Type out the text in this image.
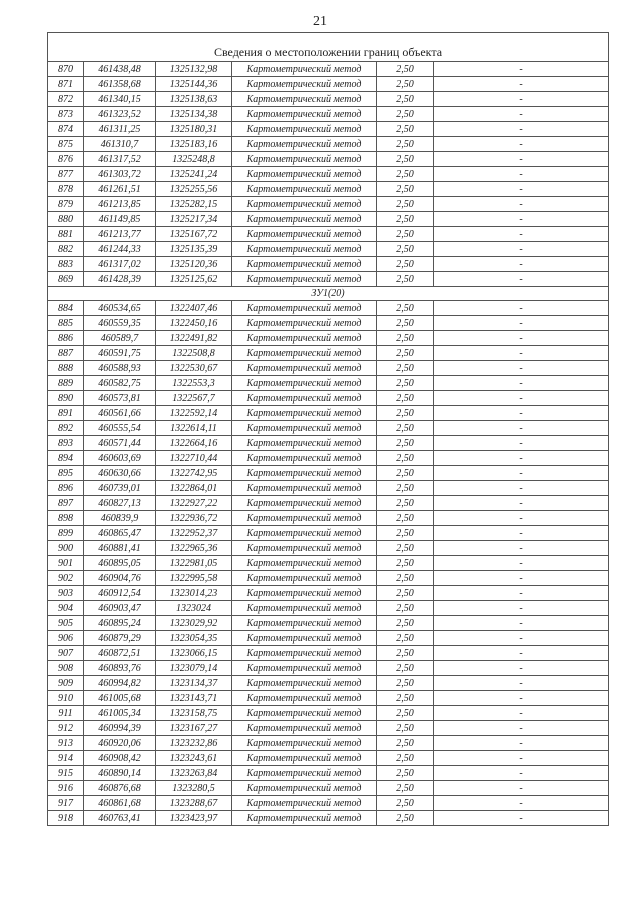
21
Сведения о местоположении границ объекта					
870	461438,48	1325132,98	Картометрический метод	2,50	-
871	461358,68	1325144,36	Картометрический метод	2,50	-
872	461340,15	1325138,63	Картометрический метод	2,50	-
873	461323,52	1325134,38	Картометрический метод	2,50	-
874	461311,25	1325180,31	Картометрический метод	2,50	-
875	461310,7	1325183,16	Картометрический метод	2,50	-
876	461317,52	1325248,8	Картометрический метод	2,50	-
877	461303,72	1325241,24	Картометрический метод	2,50	-
878	461261,51	1325255,56	Картометрический метод	2,50	-
879	461213,85	1325282,15	Картометрический метод	2,50	-
880	461149,85	1325217,34	Картометрический метод	2,50	-
881	461213,77	1325167,72	Картометрический метод	2,50	-
882	461244,33	1325135,39	Картометрический метод	2,50	-
883	461317,02	1325120,36	Картометрический метод	2,50	-
869	461428,39	1325125,62	Картометрический метод	2,50	-
ЗУ1(20)					
884	460534,65	1322407,46	Картометрический метод	2,50	-
885	460559,35	1322450,16	Картометрический метод	2,50	-
886	460589,7	1322491,82	Картометрический метод	2,50	-
887	460591,75	1322508,8	Картометрический метод	2,50	-
888	460588,93	1322530,67	Картометрический метод	2,50	-
889	460582,75	1322553,3	Картометрический метод	2,50	-
890	460573,81	1322567,7	Картометрический метод	2,50	-
891	460561,66	1322592,14	Картометрический метод	2,50	-
892	460555,54	1322614,11	Картометрический метод	2,50	-
893	460571,44	1322664,16	Картометрический метод	2,50	-
894	460603,69	1322710,44	Картометрический метод	2,50	-
895	460630,66	1322742,95	Картометрический метод	2,50	-
896	460739,01	1322864,01	Картометрический метод	2,50	-
897	460827,13	1322927,22	Картометрический метод	2,50	-
898	460839,9	1322936,72	Картометрический метод	2,50	-
899	460865,47	1322952,37	Картометрический метод	2,50	-
900	460881,41	1322965,36	Картометрический метод	2,50	-
901	460895,05	1322981,05	Картометрический метод	2,50	-
902	460904,76	1322995,58	Картометрический метод	2,50	-
903	460912,54	1323014,23	Картометрический метод	2,50	-
904	460903,47	1323024	Картометрический метод	2,50	-
905	460895,24	1323029,92	Картометрический метод	2,50	-
906	460879,29	1323054,35	Картометрический метод	2,50	-
907	460872,51	1323066,15	Картометрический метод	2,50	-
908	460893,76	1323079,14	Картометрический метод	2,50	-
909	460994,82	1323134,37	Картометрический метод	2,50	-
910	461005,68	1323143,71	Картометрический метод	2,50	-
911	461005,34	1323158,75	Картометрический метод	2,50	-
912	460994,39	1323167,27	Картометрический метод	2,50	-
913	460920,06	1323232,86	Картометрический метод	2,50	-
914	460908,42	1323243,61	Картометрический метод	2,50	-
915	460890,14	1323263,84	Картометрический метод	2,50	-
916	460876,68	1323280,5	Картометрический метод	2,50	-
917	460861,68	1323288,67	Картометрический метод	2,50	-
918	460763,41	1323423,97	Картометрический метод	2,50	-
